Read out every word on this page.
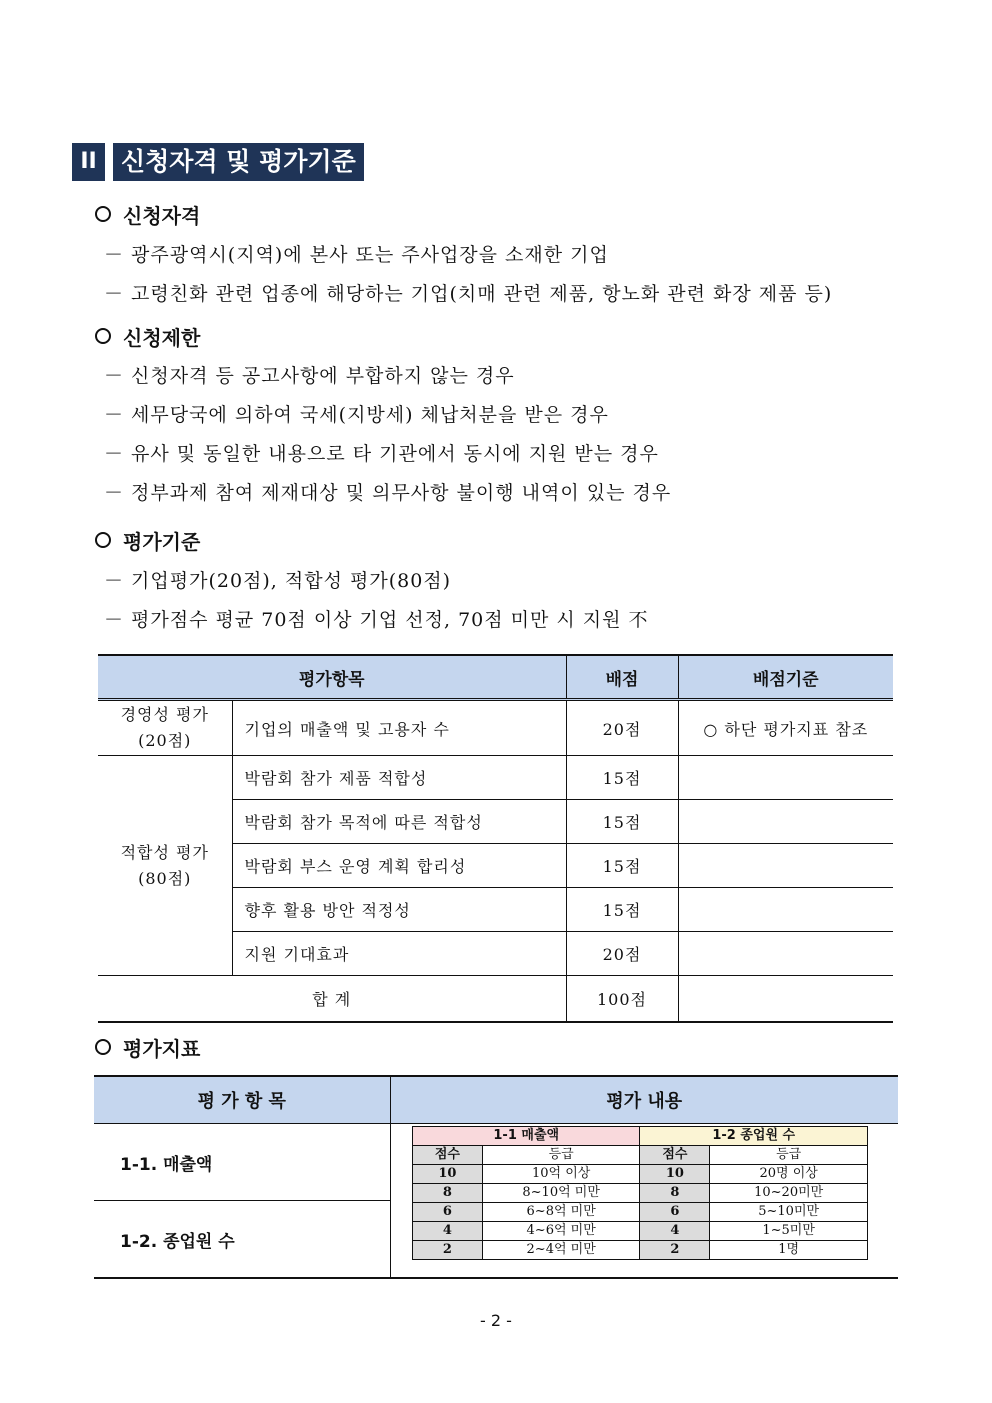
II 신청자격 및 평가기준
신청자격
－ 광주광역시(지역)에 본사 또는 주사업장을 소재한 기업
－ 고령친화 관련 업종에 해당하는 기업(치매 관련 제품, 항노화 관련 화장 제품 등)
신청제한
－ 신청자격 등 공고사항에 부합하지 않는 경우
－ 세무당국에 의하여 국세(지방세) 체납처분을 받은 경우
－ 유사 및 동일한 내용으로 타 기관에서 동시에 지원 받는 경우
－ 정부과제 참여 제재대상 및 의무사항 불이행 내역이 있는 경우
평가기준
－ 기업평가(20점), 적합성 평가(80점)
－ 평가점수 평균 70점 이상 기업 선정, 70점 미만 시 지원 不
평가항목		배점	배점기준
경영성 평가
(20점)	기업의 매출액 및 고용자 수	20점	○ 하단 평가지표 참조
적합성 평가
(80점)	박람회 참가 제품 적합성	15점	
	박람회 참가 목적에 따른 적합성	15점	
	박람회 부스 운영 계획 합리성	15점	
	향후 활용 방안 적정성	15점	
	지원 기대효과	20점	
합 계		100점	
평가지표
평 가 항 목	평가 내용
1-1. 매출액	
1-2. 종업원 수	
1-1 매출액		1-2 종업원 수	
점수	등급	점수	등급
10	10억 이상	10	20명 이상
8	8~10억 미만	8	10~20미만
6	6~8억 미만	6	5~10미만
4	4~6억 미만	4	1~5미만
2	2~4억 미만	2	1명
- 2 -
